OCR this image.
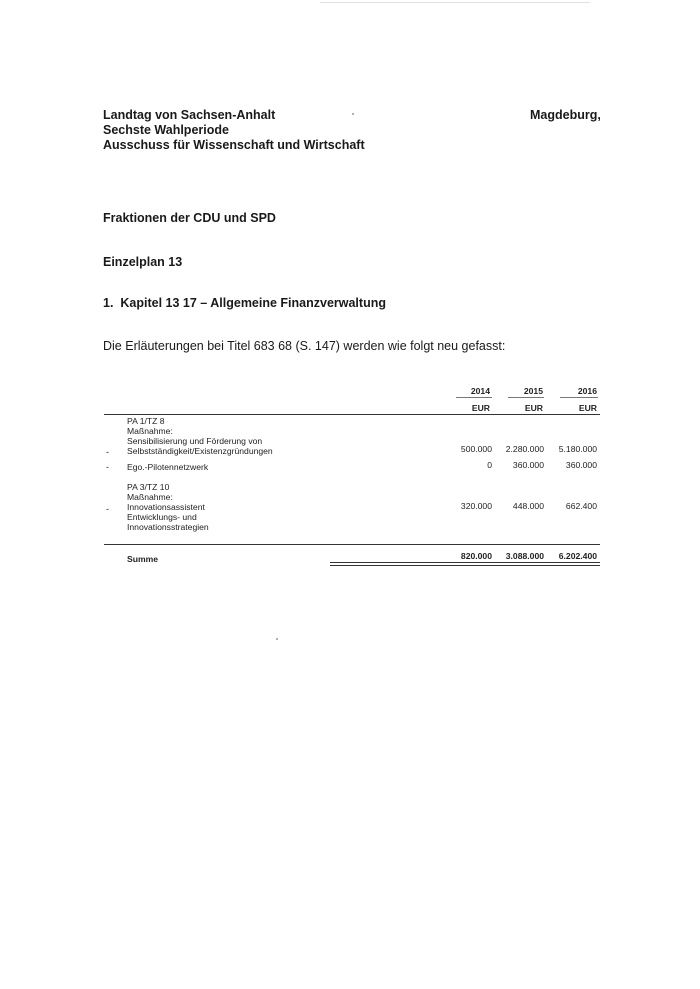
Landtag von Sachsen-Anhalt
Sechste Wahlperiode
Ausschuss für Wissenschaft und Wirtschaft
Magdeburg,
Fraktionen der CDU und SPD
Einzelplan 13
1. Kapitel 13 17 – Allgemeine Finanzverwaltung
Die Erläuterungen bei Titel 683 68 (S. 147) werden wie folgt neu gefasst:
2014	2015	2016
EUR	EUR	EUR
PA 1/TZ 8
Maßnahme:
Sensibilisierung und Förderung von
Selbstständigkeit/Existenzgründungen
-	500.000	2.280.000	5.180.000
Ego.-Pilotennetzwerk
-	0	360.000	360.000
PA 3/TZ 10
Maßnahme:
Innovationsassistent
Entwicklungs- und
Innovationsstrategien
-	320.000	448.000	662.400
Summe	820.000	3.088.000	6.202.400
